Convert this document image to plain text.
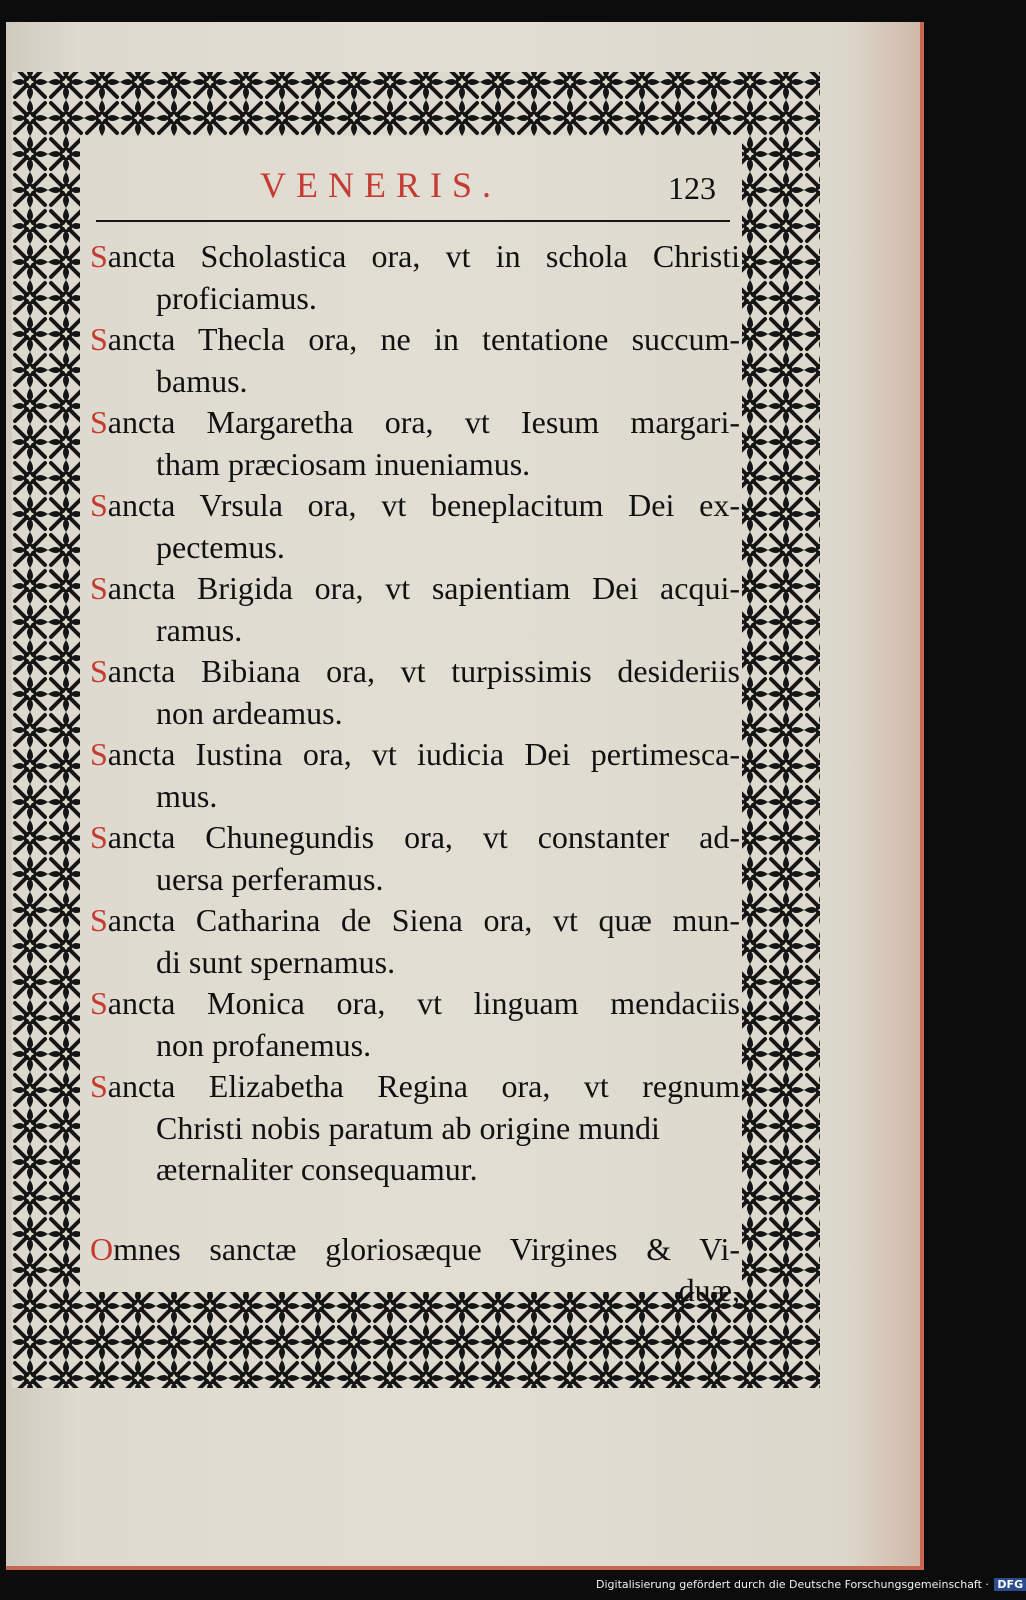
VENERIS.	123
Sancta Scholastica ora, vt in schola Christi
proficiamus.
Sancta Thecla ora, ne in tentatione succum-
bamus.
Sancta Margaretha ora, vt Iesum margari-
tham præciosam inueniamus.
Sancta Vrsula ora, vt beneplacitum Dei ex-
pectemus.
Sancta Brigida ora, vt sapientiam Dei acqui-
ramus.
Sancta Bibiana ora, vt turpissimis desideriis
non ardeamus.
Sancta Iustina ora, vt iudicia Dei pertimesca-
mus.
Sancta Chunegundis ora, vt constanter ad-
uersa perferamus.
Sancta Catharina de Siena ora, vt quæ mun-
di sunt spernamus.
Sancta Monica ora, vt linguam mendaciis
non profanemus.
Sancta Elizabetha Regina ora, vt regnum
Christi nobis paratum ab origine mundi
æternaliter consequamur.
Omnes sanctæ gloriosæque Virgines & Vi-
duæ,
Digitalisierung gefördert durch die Deutsche Forschungsgemeinschaft · DFG
